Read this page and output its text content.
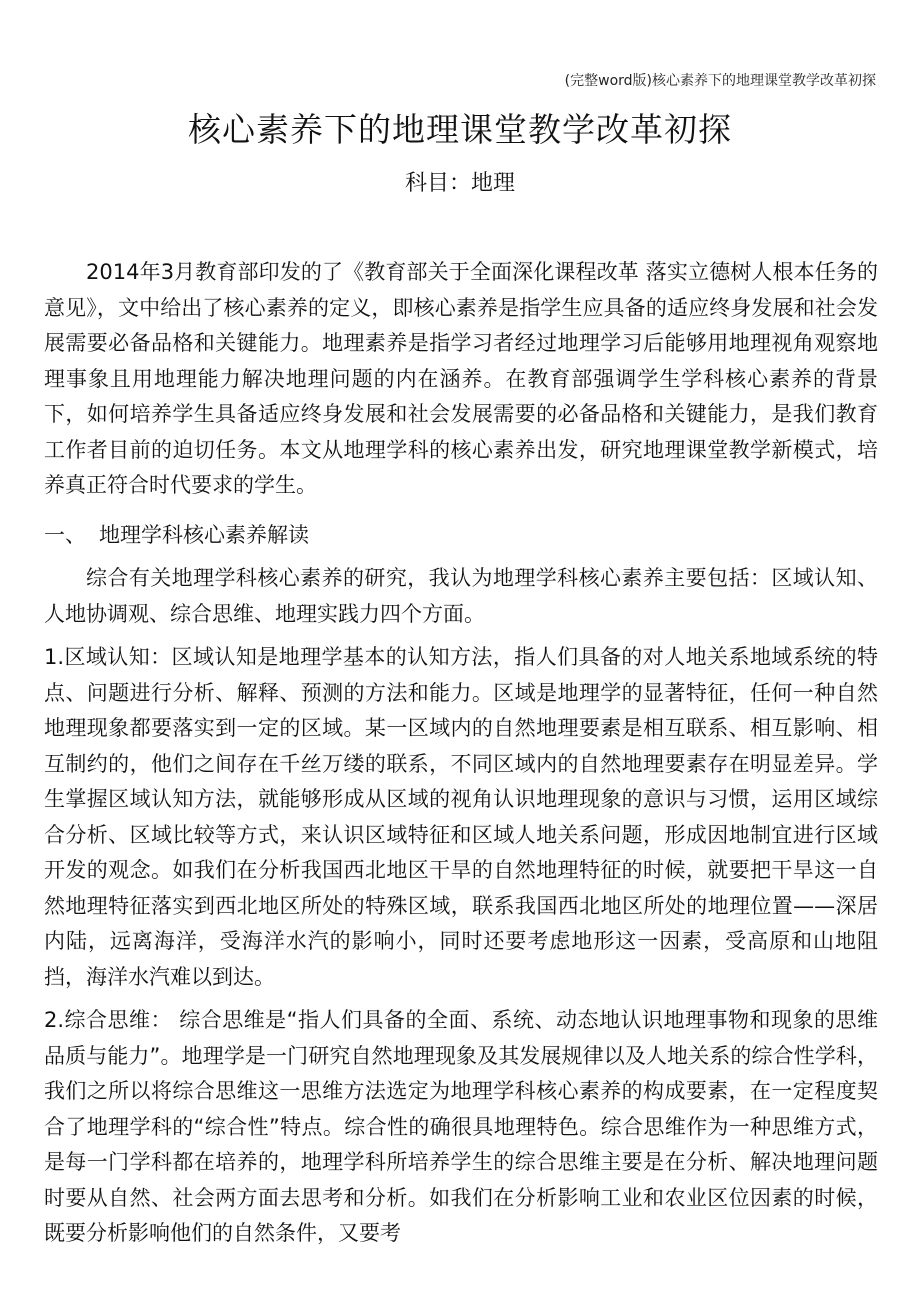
(完整word版)核心素养下的地理课堂教学改革初探
核心素养下的地理课堂教学改革初探
科目：地理

2014年3月教育部印发的了《教育部关于全面深化课程改革 落实立德树人根本任务的意见》，文中给出了核心素养的定义，即核心素养是指学生应具备的适应终身发展和社会发展需要必备品格和关键能力。地理素养是指学习者经过地理学习后能够用地理视角观察地理事象且用地理能力解决地理问题的内在涵养。在教育部强调学生学科核心素养的背景下，如何培养学生具备适应终身发展和社会发展需要的必备品格和关键能力，是我们教育工作者目前的迫切任务。本文从地理学科的核心素养出发，研究地理课堂教学新模式，培养真正符合时代要求的学生。

一、 地理学科核心素养解读

综合有关地理学科核心素养的研究，我认为地理学科核心素养主要包括：区域认知、人地协调观、综合思维、地理实践力四个方面。

1.区域认知：区域认知是地理学基本的认知方法，指人们具备的对人地关系地域系统的特点、问题进行分析、解释、预测的方法和能力。区域是地理学的显著特征，任何一种自然地理现象都要落实到一定的区域。某一区域内的自然地理要素是相互联系、相互影响、相互制约的，他们之间存在千丝万缕的联系，不同区域内的自然地理要素存在明显差异。学生掌握区域认知方法，就能够形成从区域的视角认识地理现象的意识与习惯，运用区域综合分析、区域比较等方式，来认识区域特征和区域人地关系问题，形成因地制宜进行区域开发的观念。如我们在分析我国西北地区干旱的自然地理特征的时候，就要把干旱这一自然地理特征落实到西北地区所处的特殊区域，联系我国西北地区所处的地理位置——深居内陆，远离海洋，受海洋水汽的影响小，同时还要考虑地形这一因素，受高原和山地阻挡，海洋水汽难以到达。

2.综合思维： 综合思维是“指人们具备的全面、系统、动态地认识地理事物和现象的思维品质与能力”。地理学是一门研究自然地理现象及其发展规律以及人地关系的综合性学科，我们之所以将综合思维这一思维方法选定为地理学科核心素养的构成要素，在一定程度契合了地理学科的“综合性”特点。综合性的确很具地理特色。综合思维作为一种思维方式，是每一门学科都在培养的，地理学科所培养学生的综合思维主要是在分析、解决地理问题时要从自然、社会两方面去思考和分析。如我们在分析影响工业和农业区位因素的时候，既要分析影响他们的自然条件，又要考
